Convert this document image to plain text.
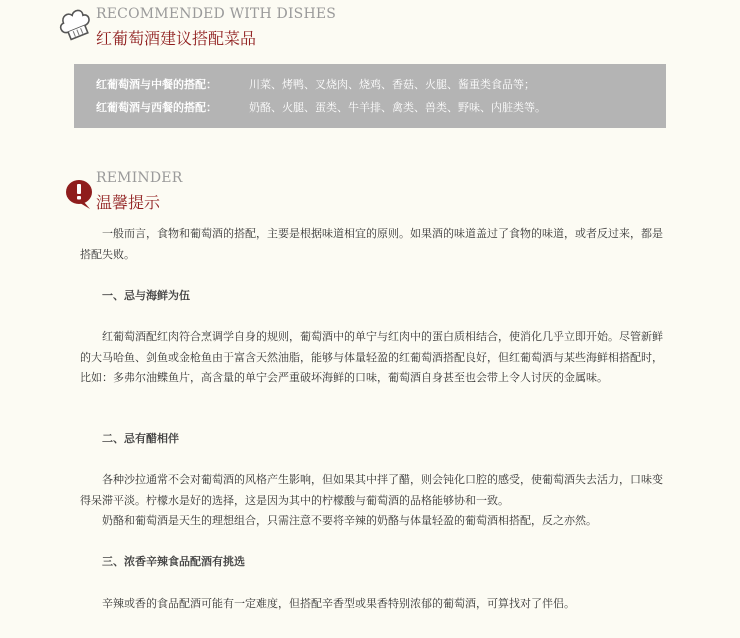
RECOMMENDED WITH DISHES
红葡萄酒建议搭配菜品
红葡萄酒与中餐的搭配：	川菜、烤鸭、叉烧肉、烧鸡、香菇、火腿、酱重类食品等；
红葡萄酒与西餐的搭配：	奶酪、火腿、蛋类、牛羊排、禽类、兽类、野味、内脏类等。
REMINDER
温馨提示

一般而言，食物和葡萄酒的搭配，主要是根据味道相宜的原则。如果酒的味道盖过了食物的味道，或者反过来，都是搭配失败。

一、忌与海鲜为伍

红葡萄酒配红肉符合烹调学自身的规则，葡萄酒中的单宁与红肉中的蛋白质相结合，使消化几乎立即开始。尽管新鲜的大马哈鱼、剑鱼或金枪鱼由于富含天然油脂，能够与体量轻盈的红葡萄酒搭配良好，但红葡萄酒与某些海鲜相搭配时，比如：多弗尔油鲽鱼片，高含量的单宁会严重破坏海鲜的口味，葡萄酒自身甚至也会带上令人讨厌的金属味。

二、忌有醋相伴

各种沙拉通常不会对葡萄酒的风格产生影响，但如果其中拌了醋，则会钝化口腔的感受，使葡萄酒失去活力，口味变得呆滞平淡。柠檬水是好的选择，这是因为其中的柠檬酸与葡萄酒的品格能够协和一致。

奶酪和葡萄酒是天生的理想组合，只需注意不要将辛辣的奶酪与体量轻盈的葡萄酒相搭配，反之亦然。

三、浓香辛辣食品配酒有挑选

辛辣或香的食品配酒可能有一定难度，但搭配辛香型或果香特别浓郁的葡萄酒，可算找对了伴侣。
